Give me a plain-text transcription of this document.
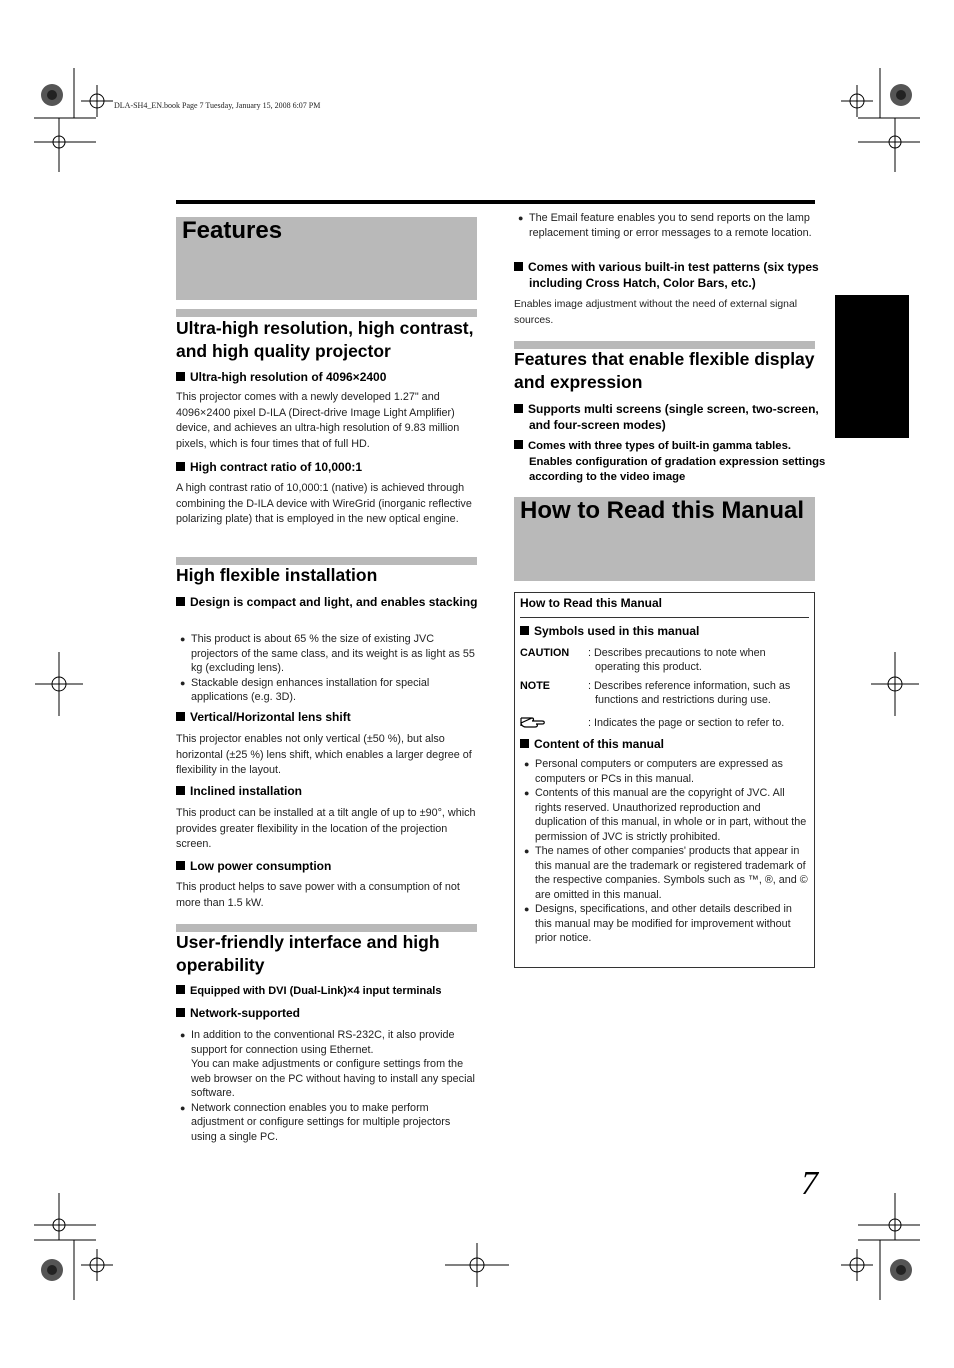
DLA-SH4_EN.book Page 7 Tuesday, January 15, 2008 6:07 PM
Features
Ultra-high resolution, high contrast, and high quality projector
Ultra-high resolution of 4096×2400
This projector comes with a newly developed 1.27" and 4096×2400 pixel D-ILA (Direct-drive Image Light Amplifier) device, and achieves an ultra-high resolution of 9.83 million pixels, which is four times that of full HD.
High contract ratio of 10,000:1
A high contrast ratio of 10,000:1 (native) is achieved through combining the D-ILA device with WireGrid (inorganic reflective polarizing plate) that is employed in the new optical engine.
High flexible installation
Design is compact and light, and enables stacking
● This product is about 65 % the size of existing JVC projectors of the same class, and its weight is as light as 55 kg (excluding lens).
● Stackable design enhances installation for special applications (e.g. 3D).
Vertical/Horizontal lens shift
This projector enables not only vertical (±50 %), but also horizontal (±25 %) lens shift, which enables a larger degree of flexibility in the layout.
Inclined installation
This product can be installed at a tilt angle of up to ±90°, which provides greater flexibility in the location of the projection screen.
Low power consumption
This product helps to save power with a consumption of not more than 1.5 kW.
User-friendly interface and high operability
Equipped with DVI (Dual-Link)×4 input terminals
Network-supported
● In addition to the conventional RS-232C, it also provide support for connection using Ethernet.
You can make adjustments or configure settings from the web browser on the PC without having to install any special software.
● Network connection enables you to make perform adjustment or configure settings for multiple projectors using a single PC.
● The Email feature enables you to send reports on the lamp replacement timing or error messages to a remote location.
Comes with various built-in test patterns (six types including Cross Hatch, Color Bars, etc.)
Enables image adjustment without the need of external signal sources.
Features that enable flexible display and expression
Supports multi screens (single screen, two-screen, and four-screen modes)
Comes with three types of built-in gamma tables. Enables configuration of gradation expression settings according to the video image
How to Read this Manual
How to Read this Manual
Symbols used in this manual
CAUTION : Describes precautions to note when operating this product.
NOTE	: Describes reference information, such as functions and restrictions during use.
: Indicates the page or section to refer to.
Content of this manual
● Personal computers or computers are expressed as computers or PCs in this manual.
● Contents of this manual are the copyright of JVC. All rights reserved. Unauthorized reproduction and duplication of this manual, in whole or in part, without the permission of JVC is strictly prohibited.
● The names of other companies' products that appear in this manual are the trademark or registered trademark of the respective companies. Symbols such as ™, ®, and © are omitted in this manual.
● Designs, specifications, and other details described in this manual may be modified for improvement without prior notice.
7
